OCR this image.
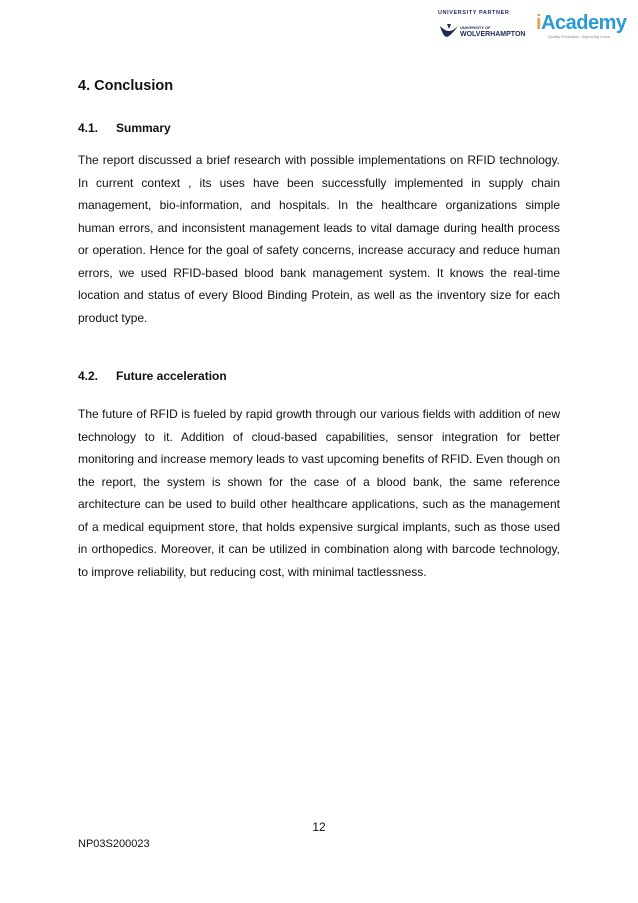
UNIVERSITY PARTNER
UNIVERSITY OF
WOLVERHAMPTON
iAcademy
Quality Education. Improving Lives.
4. Conclusion
4.1. Summary

The report discussed a brief research with possible implementations on RFID technology. In current context , its uses have been successfully implemented in supply chain management, bio-information, and hospitals. In the healthcare organizations simple human errors, and inconsistent management leads to vital damage during health process or operation. Hence for the goal of safety concerns, increase accuracy and reduce human errors, we used RFID-based blood bank management system. It knows the real-time location and status of every Blood Binding Protein, as well as the inventory size for each product type.

4.2. Future acceleration

The future of RFID is fueled by rapid growth through our various fields with addition of new technology to it. Addition of cloud-based capabilities, sensor integration for better monitoring and increase memory leads to vast upcoming benefits of RFID. Even though on the report, the system is shown for the case of a blood bank, the same reference architecture can be used to build other healthcare applications, such as the management of a medical equipment store, that holds expensive surgical implants, such as those used in orthopedics. Moreover, it can be utilized in combination along with barcode technology, to improve reliability, but reducing cost, with minimal tactlessness.

12
NP03S200023
